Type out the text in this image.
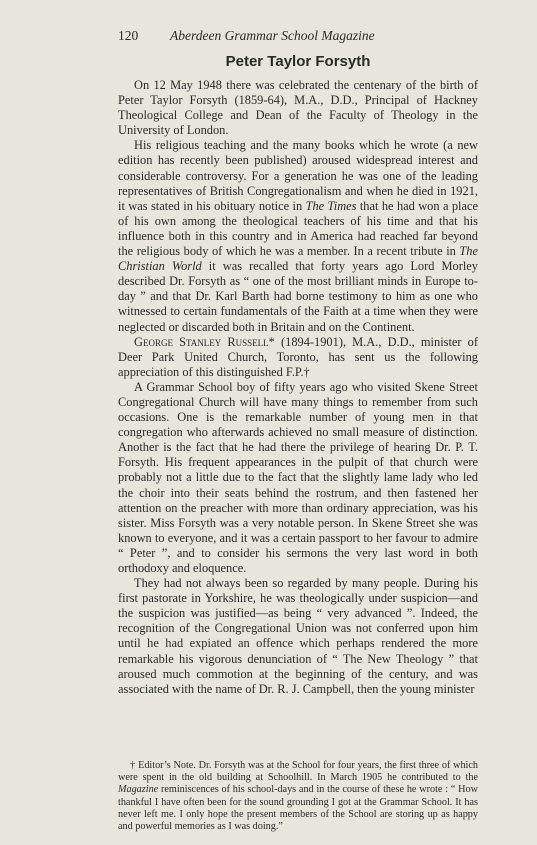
120 Aberdeen Grammar School Magazine
Peter Taylor Forsyth

On 12 May 1948 there was celebrated the centenary of the birth of Peter Taylor Forsyth (1859-64), M.A., D.D., Principal of Hackney Theological College and Dean of the Faculty of Theology in the University of London.

His religious teaching and the many books which he wrote (a new edition has recently been published) aroused widespread interest and considerable controversy. For a generation he was one of the leading representatives of British Congregationalism and when he died in 1921, it was stated in his obituary notice in The Times that he had won a place of his own among the theological teachers of his time and that his influence both in this country and in America had reached far beyond the religious body of which he was a member. In a recent tribute in The Christian World it was recalled that forty years ago Lord Morley described Dr. Forsyth as “ one of the most brilliant minds in Europe to-day ” and that Dr. Karl Barth had borne testimony to him as one who witnessed to certain fundamentals of the Faith at a time when they were neglected or discarded both in Britain and on the Continent.

George Stanley Russell* (1894-1901), M.A., D.D., minister of Deer Park United Church, Toronto, has sent us the following appreciation of this distinguished F.P.†

A Grammar School boy of fifty years ago who visited Skene Street Congregational Church will have many things to remember from such occasions. One is the remarkable number of young men in that congregation who afterwards achieved no small measure of distinction. Another is the fact that he had there the privilege of hearing Dr. P. T. Forsyth. His frequent appearances in the pulpit of that church were probably not a little due to the fact that the slightly lame lady who led the choir into their seats behind the rostrum, and then fastened her attention on the preacher with more than ordinary appreciation, was his sister. Miss Forsyth was a very notable person. In Skene Street she was known to everyone, and it was a certain passport to her favour to admire “ Peter ”, and to consider his sermons the very last word in both orthodoxy and eloquence.

They had not always been so regarded by many people. During his first pastorate in Yorkshire, he was theologically under suspicion—and the suspicion was justified—as being “ very advanced ”. Indeed, the recognition of the Congregational Union was not conferred upon him until he had expiated an offence which perhaps rendered the more remarkable his vigorous denunciation of “ The New Theology ” that aroused much commotion at the beginning of the century, and was associated with the name of Dr. R. J. Campbell, then the young minister

† Editor’s Note. Dr. Forsyth was at the School for four years, the first three of which were spent in the old building at Schoolhill. In March 1905 he contributed to the Magazine reminiscences of his school-days and in the course of these he wrote : “ How thankful I have often been for the sound grounding I got at the Grammar School. It has never left me. I only hope the present members of the School are storing up as happy and powerful memories as I was doing.”
